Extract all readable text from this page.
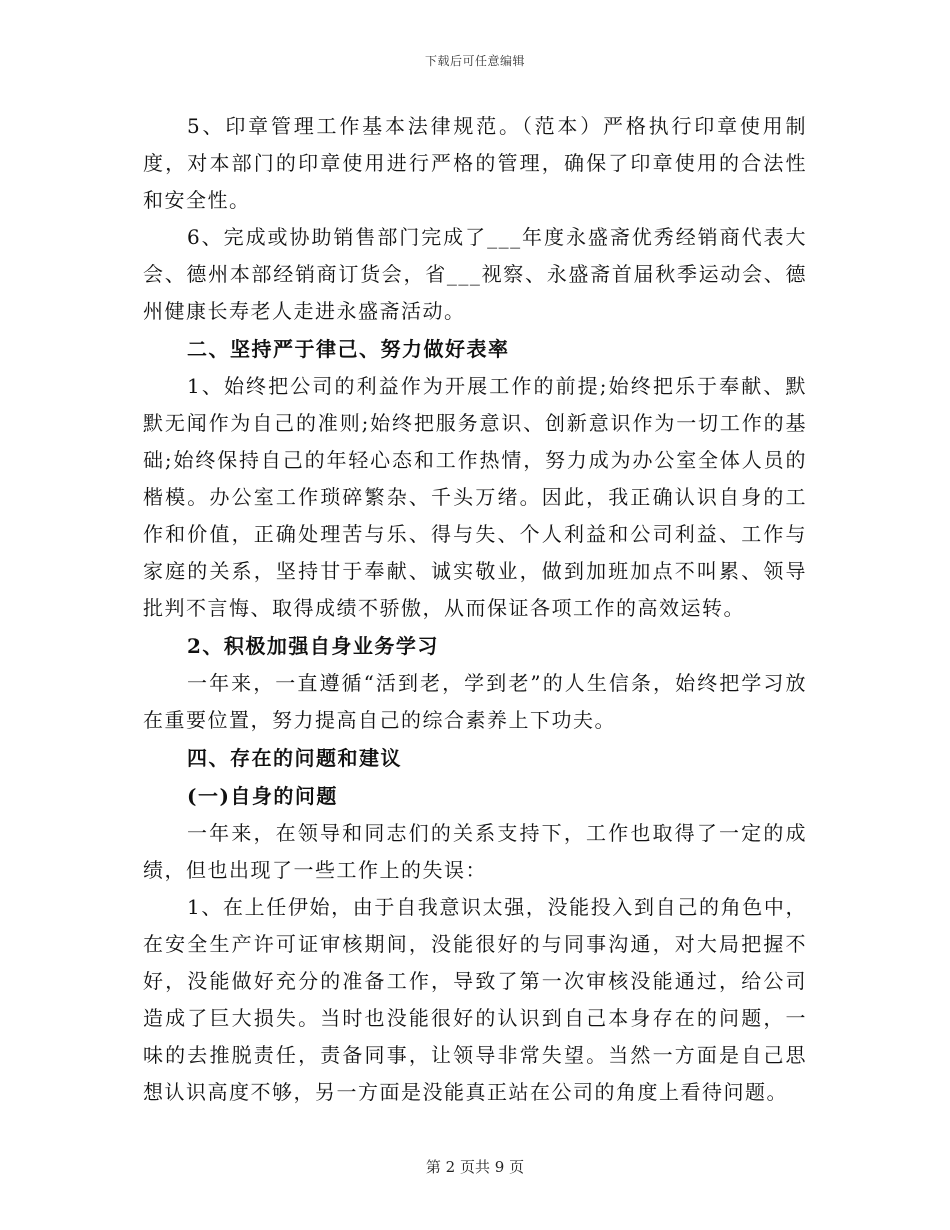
下载后可任意编辑

5、印章管理工作基本法律规范。（范本）严格执行印章使用制度，对本部门的印章使用进行严格的管理，确保了印章使用的合法性和安全性。

6、完成或协助销售部门完成了___年度永盛斋优秀经销商代表大会、德州本部经销商订货会，省___视察、永盛斋首届秋季运动会、德州健康长寿老人走进永盛斋活动。

二、坚持严于律己、努力做好表率

1、始终把公司的利益作为开展工作的前提;始终把乐于奉献、默默无闻作为自己的准则;始终把服务意识、创新意识作为一切工作的基础;始终保持自己的年轻心态和工作热情，努力成为办公室全体人员的楷模。办公室工作琐碎繁杂、千头万绪。因此，我正确认识自身的工作和价值，正确处理苦与乐、得与失、个人利益和公司利益、工作与家庭的关系，坚持甘于奉献、诚实敬业，做到加班加点不叫累、领导批判不言悔、取得成绩不骄傲，从而保证各项工作的高效运转。

2、积极加强自身业务学习

一年来，一直遵循“活到老，学到老”的人生信条，始终把学习放在重要位置，努力提高自己的综合素养上下功夫。

四、存在的问题和建议

(一)自身的问题

一年来，在领导和同志们的关系支持下，工作也取得了一定的成绩，但也出现了一些工作上的失误：

1、在上任伊始，由于自我意识太强，没能投入到自己的角色中，在安全生产许可证审核期间，没能很好的与同事沟通，对大局把握不好，没能做好充分的准备工作，导致了第一次审核没能通过，给公司造成了巨大损失。当时也没能很好的认识到自己本身存在的问题，一味的去推脱责任，责备同事，让领导非常失望。当然一方面是自己思想认识高度不够，另一方面是没能真正站在公司的角度上看待问题。

第 2 页共 9 页
